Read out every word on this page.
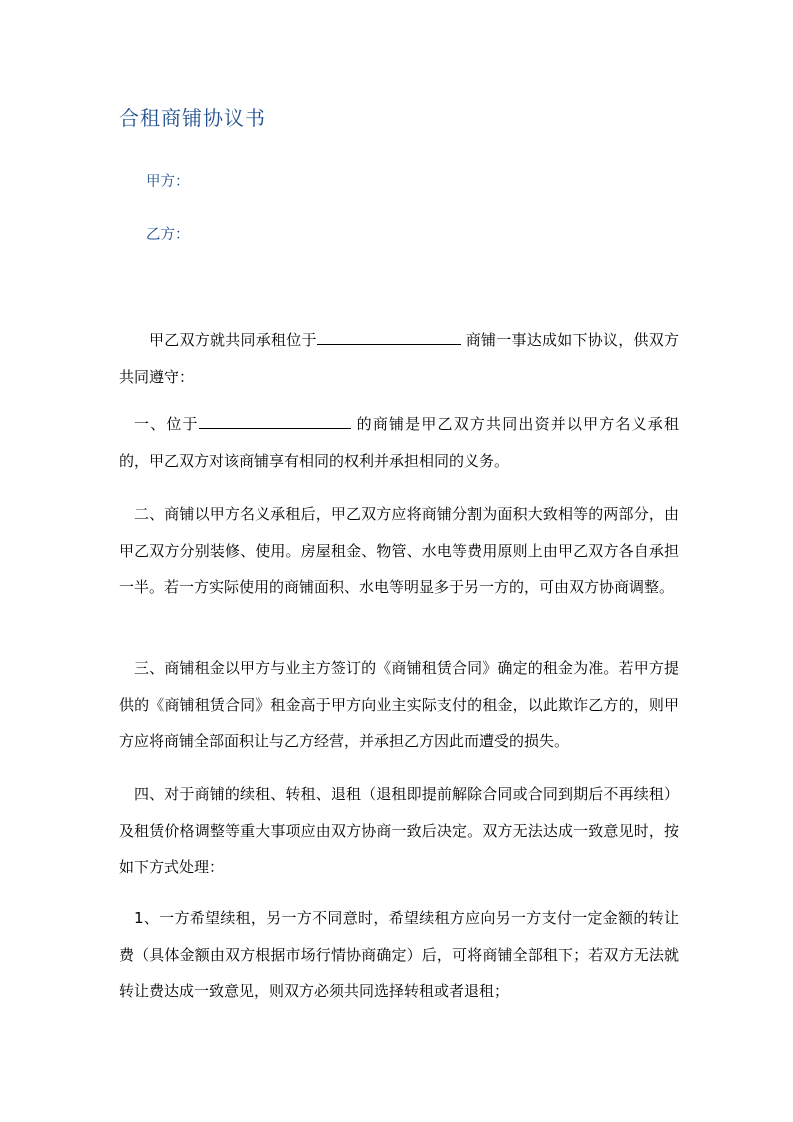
合租商铺协议书
甲方：
乙方：
甲乙双方就共同承租位于	商铺一事达成如下协议，供双方共同遵守：
一、位于	的商铺是甲乙双方共同出资并以甲方名义承租的，甲乙双方对该商铺享有相同的权利并承担相同的义务。
二、商铺以甲方名义承租后，甲乙双方应将商铺分割为面积大致相等的两部分，由甲乙双方分别装修、使用。房屋租金、物管、水电等费用原则上由甲乙双方各自承担一半。若一方实际使用的商铺面积、水电等明显多于另一方的，可由双方协商调整。
三、商铺租金以甲方与业主方签订的《商铺租赁合同》确定的租金为准。若甲方提供的《商铺租赁合同》租金高于甲方向业主实际支付的租金，以此欺诈乙方的，则甲方应将商铺全部面积让与乙方经营，并承担乙方因此而遭受的损失。
四、对于商铺的续租、转租、退租（退租即提前解除合同或合同到期后不再续租）及租赁价格调整等重大事项应由双方协商一致后决定。双方无法达成一致意见时，按如下方式处理：
1、一方希望续租，另一方不同意时，希望续租方应向另一方支付一定金额的转让费（具体金额由双方根据市场行情协商确定）后，可将商铺全部租下；若双方无法就转让费达成一致意见，则双方必须共同选择转租或者退租；
